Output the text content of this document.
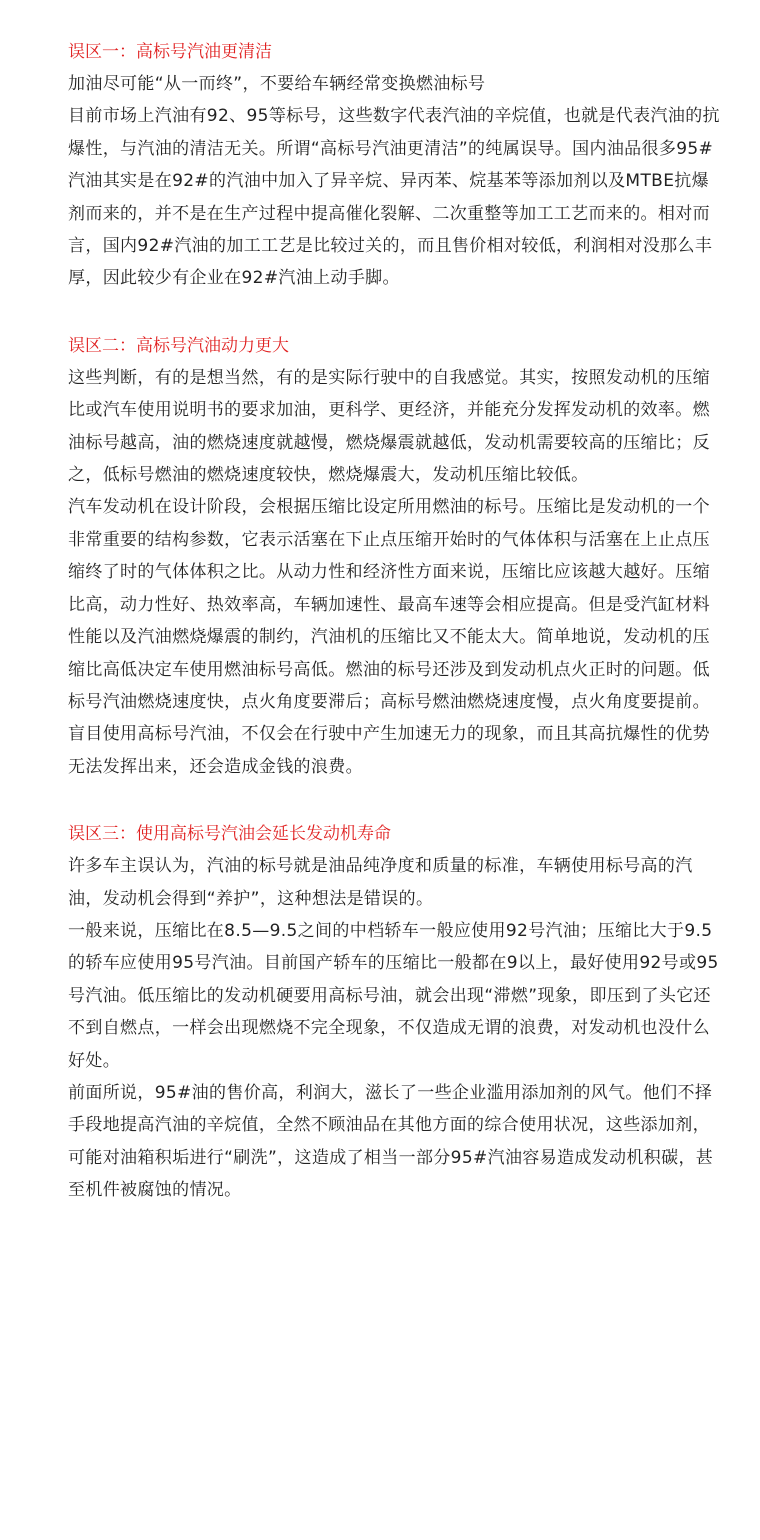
误区一：高标号汽油更清洁

加油尽可能“从一而终”，不要给车辆经常变换燃油标号

目前市场上汽油有92、95等标号，这些数字代表汽油的辛烷值，也就是代表汽油的抗爆性，与汽油的清洁无关。所谓“高标号汽油更清洁”的纯属误导。国内油品很多95#汽油其实是在92#的汽油中加入了异辛烷、异丙苯、烷基苯等添加剂以及MTBE抗爆剂而来的，并不是在生产过程中提高催化裂解、二次重整等加工工艺而来的。相对而言，国内92#汽油的加工工艺是比较过关的，而且售价相对较低，利润相对没那么丰厚，因此较少有企业在92#汽油上动手脚。

误区二：高标号汽油动力更大

这些判断，有的是想当然，有的是实际行驶中的自我感觉。其实，按照发动机的压缩比或汽车使用说明书的要求加油，更科学、更经济，并能充分发挥发动机的效率。燃油标号越高，油的燃烧速度就越慢，燃烧爆震就越低，发动机需要较高的压缩比；反之，低标号燃油的燃烧速度较快，燃烧爆震大，发动机压缩比较低。

汽车发动机在设计阶段，会根据压缩比设定所用燃油的标号。压缩比是发动机的一个非常重要的结构参数，它表示活塞在下止点压缩开始时的气体体积与活塞在上止点压缩终了时的气体体积之比。从动力性和经济性方面来说，压缩比应该越大越好。压缩比高，动力性好、热效率高，车辆加速性、最高车速等会相应提高。但是受汽缸材料性能以及汽油燃烧爆震的制约，汽油机的压缩比又不能太大。简单地说，发动机的压缩比高低决定车使用燃油标号高低。燃油的标号还涉及到发动机点火正时的问题。低标号汽油燃烧速度快，点火角度要滞后；高标号燃油燃烧速度慢，点火角度要提前。

盲目使用高标号汽油，不仅会在行驶中产生加速无力的现象，而且其高抗爆性的优势无法发挥出来，还会造成金钱的浪费。

误区三：使用高标号汽油会延长发动机寿命

许多车主误认为，汽油的标号就是油品纯净度和质量的标准，车辆使用标号高的汽油，发动机会得到“养护”，这种想法是错误的。

一般来说，压缩比在8.5—9.5之间的中档轿车一般应使用92号汽油；压缩比大于9.5的轿车应使用95号汽油。目前国产轿车的压缩比一般都在9以上，最好使用92号或95号汽油。低压缩比的发动机硬要用高标号油，就会出现“滞燃”现象，即压到了头它还不到自燃点，一样会出现燃烧不完全现象，不仅造成无谓的浪费，对发动机也没什么好处。

前面所说，95#油的售价高，利润大，滋长了一些企业滥用添加剂的风气。他们不择手段地提高汽油的辛烷值，全然不顾油品在其他方面的综合使用状况，这些添加剂，可能对油箱积垢进行“刷洗”，这造成了相当一部分95#汽油容易造成发动机积碳，甚至机件被腐蚀的情况。
